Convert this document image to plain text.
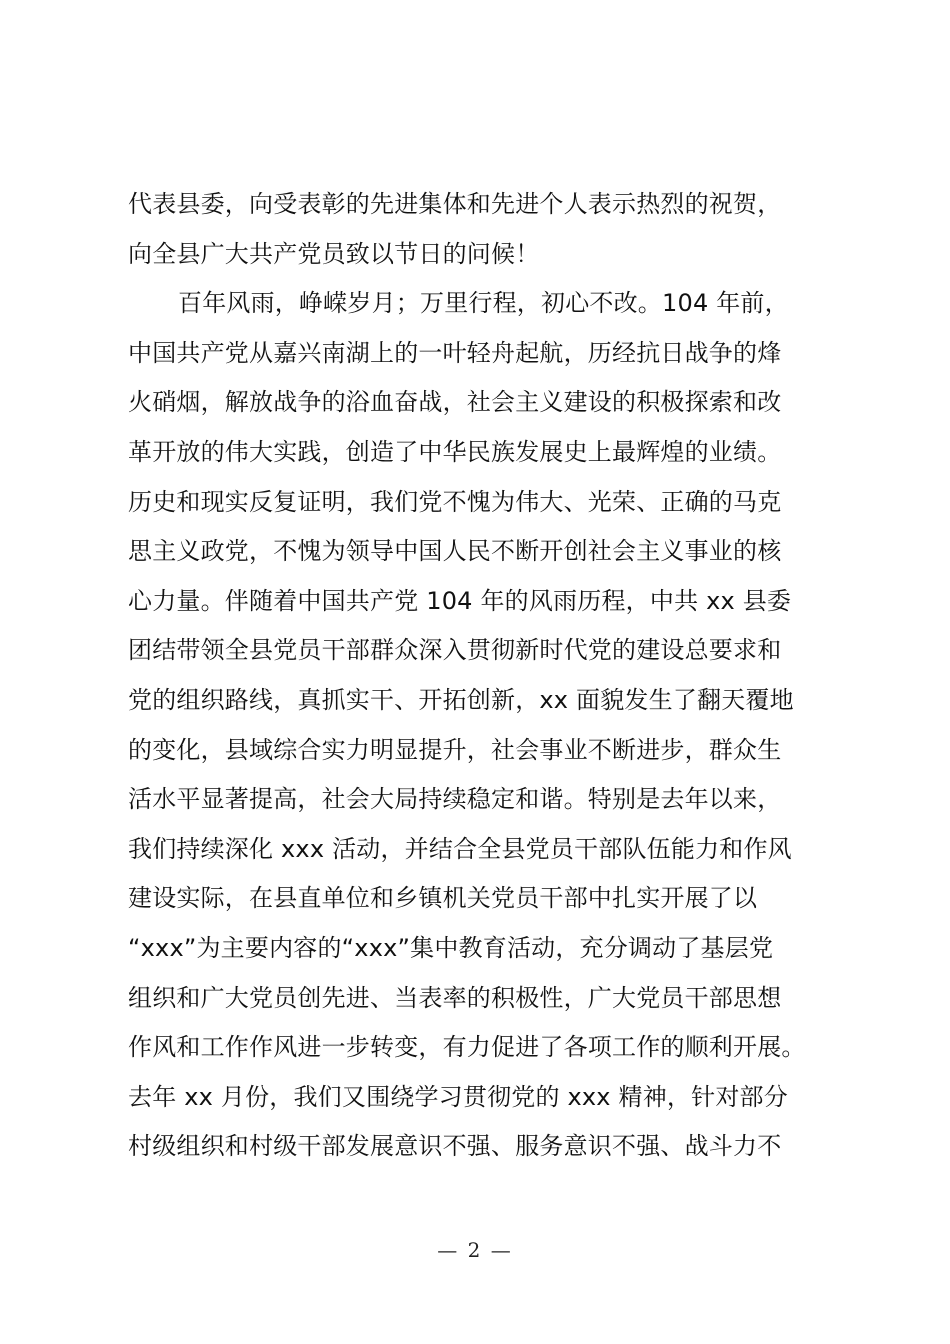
代表县委，向受表彰的先进集体和先进个人表示热烈的祝贺，
向全县广大共产党员致以节日的问候！
百年风雨，峥嵘岁月；万里行程，初心不改。104 年前，
中国共产党从嘉兴南湖上的一叶轻舟起航，历经抗日战争的烽
火硝烟，解放战争的浴血奋战，社会主义建设的积极探索和改
革开放的伟大实践，创造了中华民族发展史上最辉煌的业绩。
历史和现实反复证明，我们党不愧为伟大、光荣、正确的马克
思主义政党，不愧为领导中国人民不断开创社会主义事业的核
心力量。伴随着中国共产党 104 年的风雨历程，中共 xx 县委
团结带领全县党员干部群众深入贯彻新时代党的建设总要求和
党的组织路线，真抓实干、开拓创新，xx 面貌发生了翻天覆地
的变化，县域综合实力明显提升，社会事业不断进步，群众生
活水平显著提高，社会大局持续稳定和谐。特别是去年以来，
我们持续深化 xxx 活动，并结合全县党员干部队伍能力和作风
建设实际，在县直单位和乡镇机关党员干部中扎实开展了以
“xxx”为主要内容的“xxx”集中教育活动，充分调动了基层党
组织和广大党员创先进、当表率的积极性，广大党员干部思想
作风和工作作风进一步转变，有力促进了各项工作的顺利开展。
去年 xx 月份，我们又围绕学习贯彻党的 xxx 精神，针对部分
村级组织和村级干部发展意识不强、服务意识不强、战斗力不
— 2 —
